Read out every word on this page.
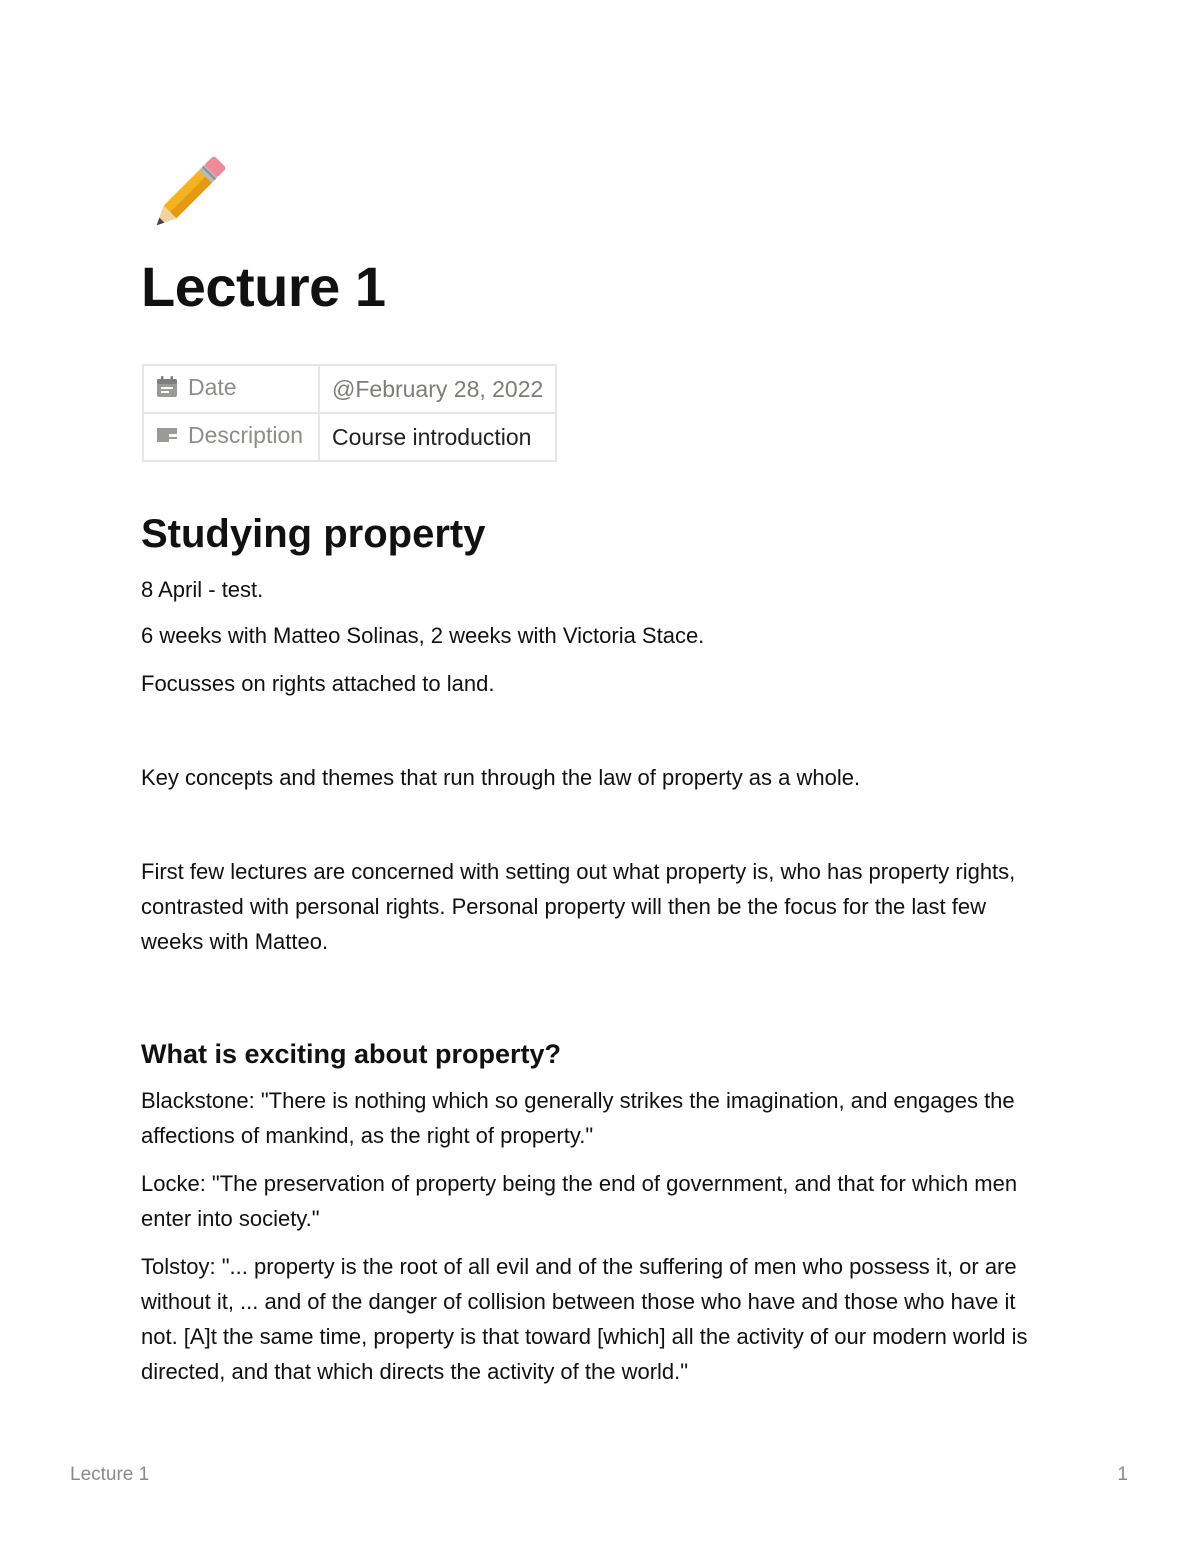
Lecture 1
Date	@February 28, 2022
Description	Course introduction
Studying property

8 April - test.

6 weeks with Matteo Solinas, 2 weeks with Victoria Stace.

Focusses on rights attached to land.

Key concepts and themes that run through the law of property as a whole.

First few lectures are concerned with setting out what property is, who has property rights, contrasted with personal rights. Personal property will then be the focus for the last few weeks with Matteo.

What is exciting about property?

Blackstone: "There is nothing which so generally strikes the imagination, and engages the affections of mankind, as the right of property."

Locke: "The preservation of property being the end of government, and that for which men enter into society."

Tolstoy: "... property is the root of all evil and of the suffering of men who possess it, or are without it, ... and of the danger of collision between those who have and those who have it not. [A]t the same time, property is that toward [which] all the activity of our modern world is directed, and that which directs the activity of the world."

Lecture 1	1
